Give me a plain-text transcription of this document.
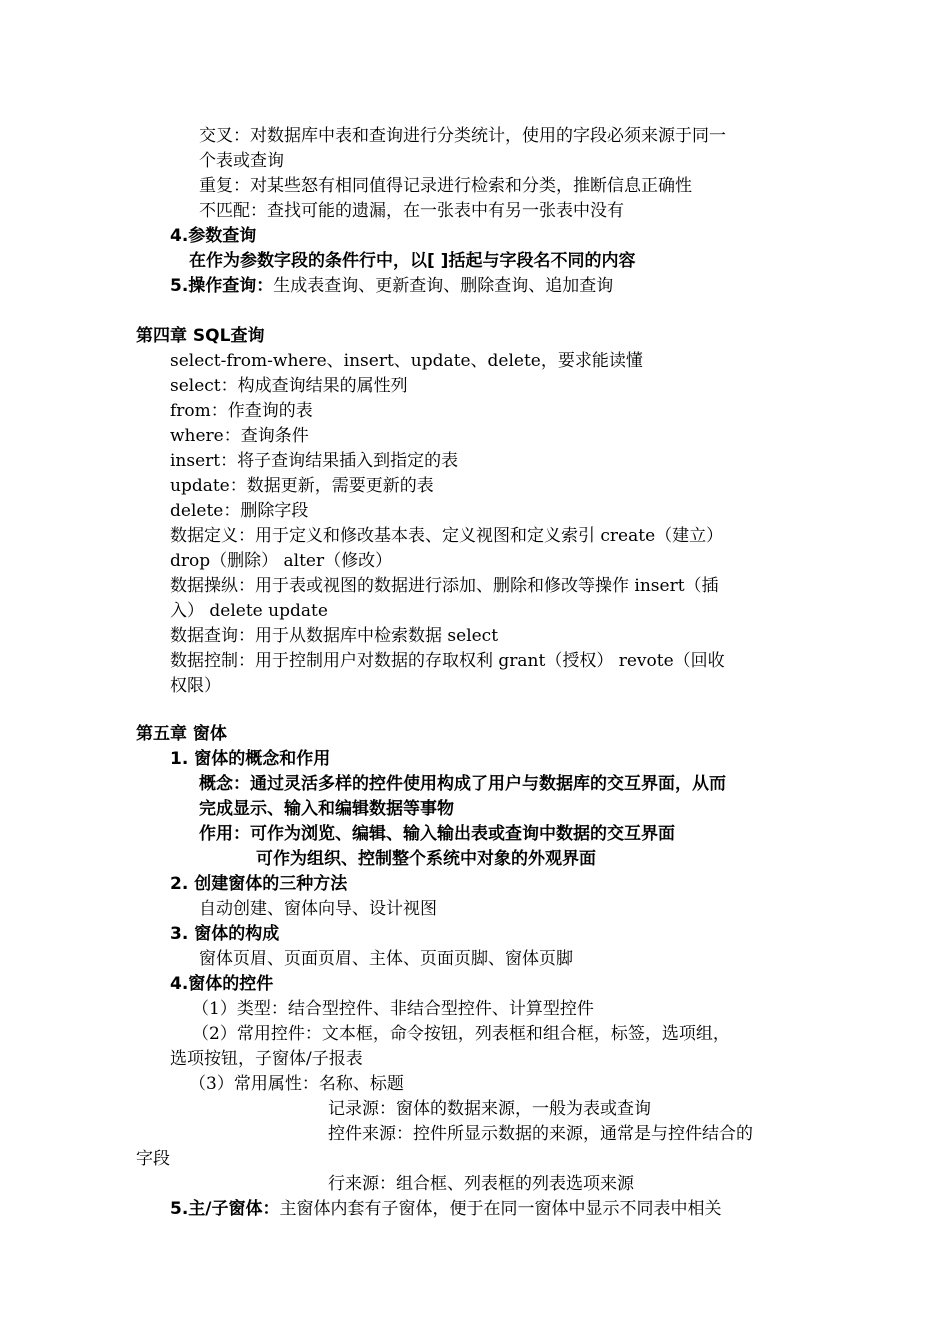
交叉：对数据库中表和查询进行分类统计，使用的字段必须来源于同一
个表或查询
重复：对某些怒有相同值得记录进行检索和分类，推断信息正确性
不匹配：查找可能的遗漏，在一张表中有另一张表中没有
4.参数查询
在作为参数字段的条件行中，以[ ]括起与字段名不同的内容
5.操作查询：生成表查询、更新查询、删除查询、追加查询
第四章 SQL查询
select-from-where、insert、update、delete，要求能读懂
select：构成查询结果的属性列
from：作查询的表
where：查询条件
insert：将子查询结果插入到指定的表
update：数据更新，需要更新的表
delete：删除字段
数据定义：用于定义和修改基本表、定义视图和定义索引 create（建立）
drop（删除） alter（修改）
数据操纵：用于表或视图的数据进行添加、删除和修改等操作 insert（插
入） delete update
数据查询：用于从数据库中检索数据 select
数据控制：用于控制用户对数据的存取权利 grant（授权） revote（回收
权限）
第五章 窗体
1. 窗体的概念和作用
概念：通过灵活多样的控件使用构成了用户与数据库的交互界面，从而
完成显示、输入和编辑数据等事物
作用：可作为浏览、编辑、输入输出表或查询中数据的交互界面
可作为组织、控制整个系统中对象的外观界面
2. 创建窗体的三种方法
自动创建、窗体向导、设计视图
3. 窗体的构成
窗体页眉、页面页眉、主体、页面页脚、窗体页脚
4.窗体的控件
（1）类型：结合型控件、非结合型控件、计算型控件
（2）常用控件：文本框，命令按钮，列表框和组合框，标签，选项组，
选项按钮，子窗体/子报表
（3）常用属性：名称、标题
记录源：窗体的数据来源，一般为表或查询
控件来源：控件所显示数据的来源，通常是与控件结合的
字段
行来源：组合框、列表框的列表选项来源
5.主/子窗体：主窗体内套有子窗体，便于在同一窗体中显示不同表中相关
